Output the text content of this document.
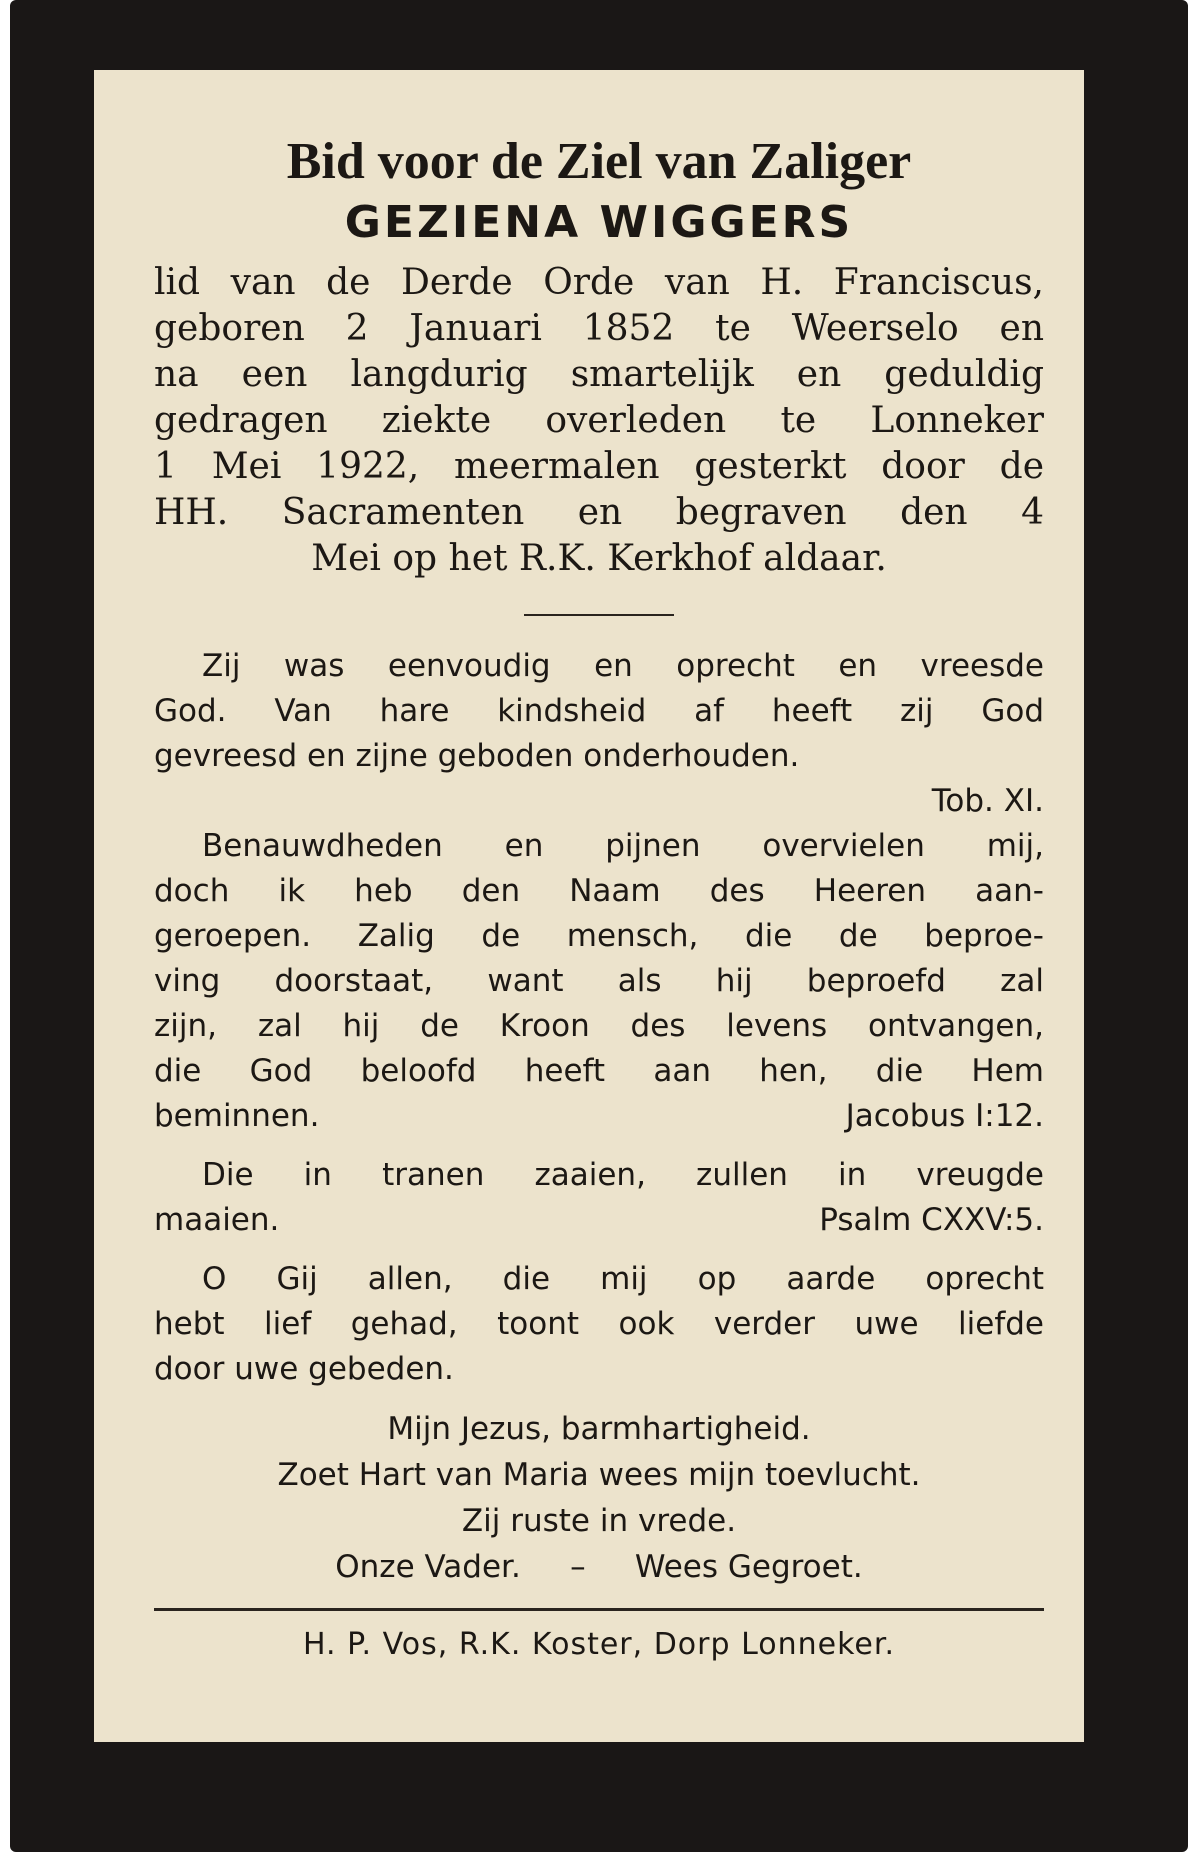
Bid voor de Ziel van Zaliger
GEZIENA WIGGERS
lid van de Derde Orde van H. Franciscus,
geboren 2 Januari 1852 te Weerselo en
na een langdurig smartelijk en geduldig
gedragen ziekte overleden te Lonneker
1 Mei 1922, meermalen gesterkt door de
HH. Sacramenten en begraven den 4
Mei op het R.K. Kerkhof aldaar.
Zij was eenvoudig en oprecht en vreesde
God. Van hare kindsheid af heeft zij God
gevreesd en zijne geboden onderhouden.
Tob. XI.
Benauwdheden en pijnen overvielen mij,
doch ik heb den Naam des Heeren aan-
geroepen. Zalig de mensch, die de beproe-
ving doorstaat, want als hij beproefd zal
zijn, zal hij de Kroon des levens ontvangen,
die God beloofd heeft aan hen, die Hem
beminnen.	Jacobus I:12.
Die in tranen zaaien, zullen in vreugde
maaien.	Psalm CXXV:5.
O Gij allen, die mij op aarde oprecht
hebt lief gehad, toont ook verder uwe liefde
door uwe gebeden.
Mijn Jezus, barmhartigheid.
Zoet Hart van Maria wees mijn toevlucht.
Zij ruste in vrede.
Onze Vader. – Wees Gegroet.
H. P. Vos, R.K. Koster, Dorp Lonneker.
